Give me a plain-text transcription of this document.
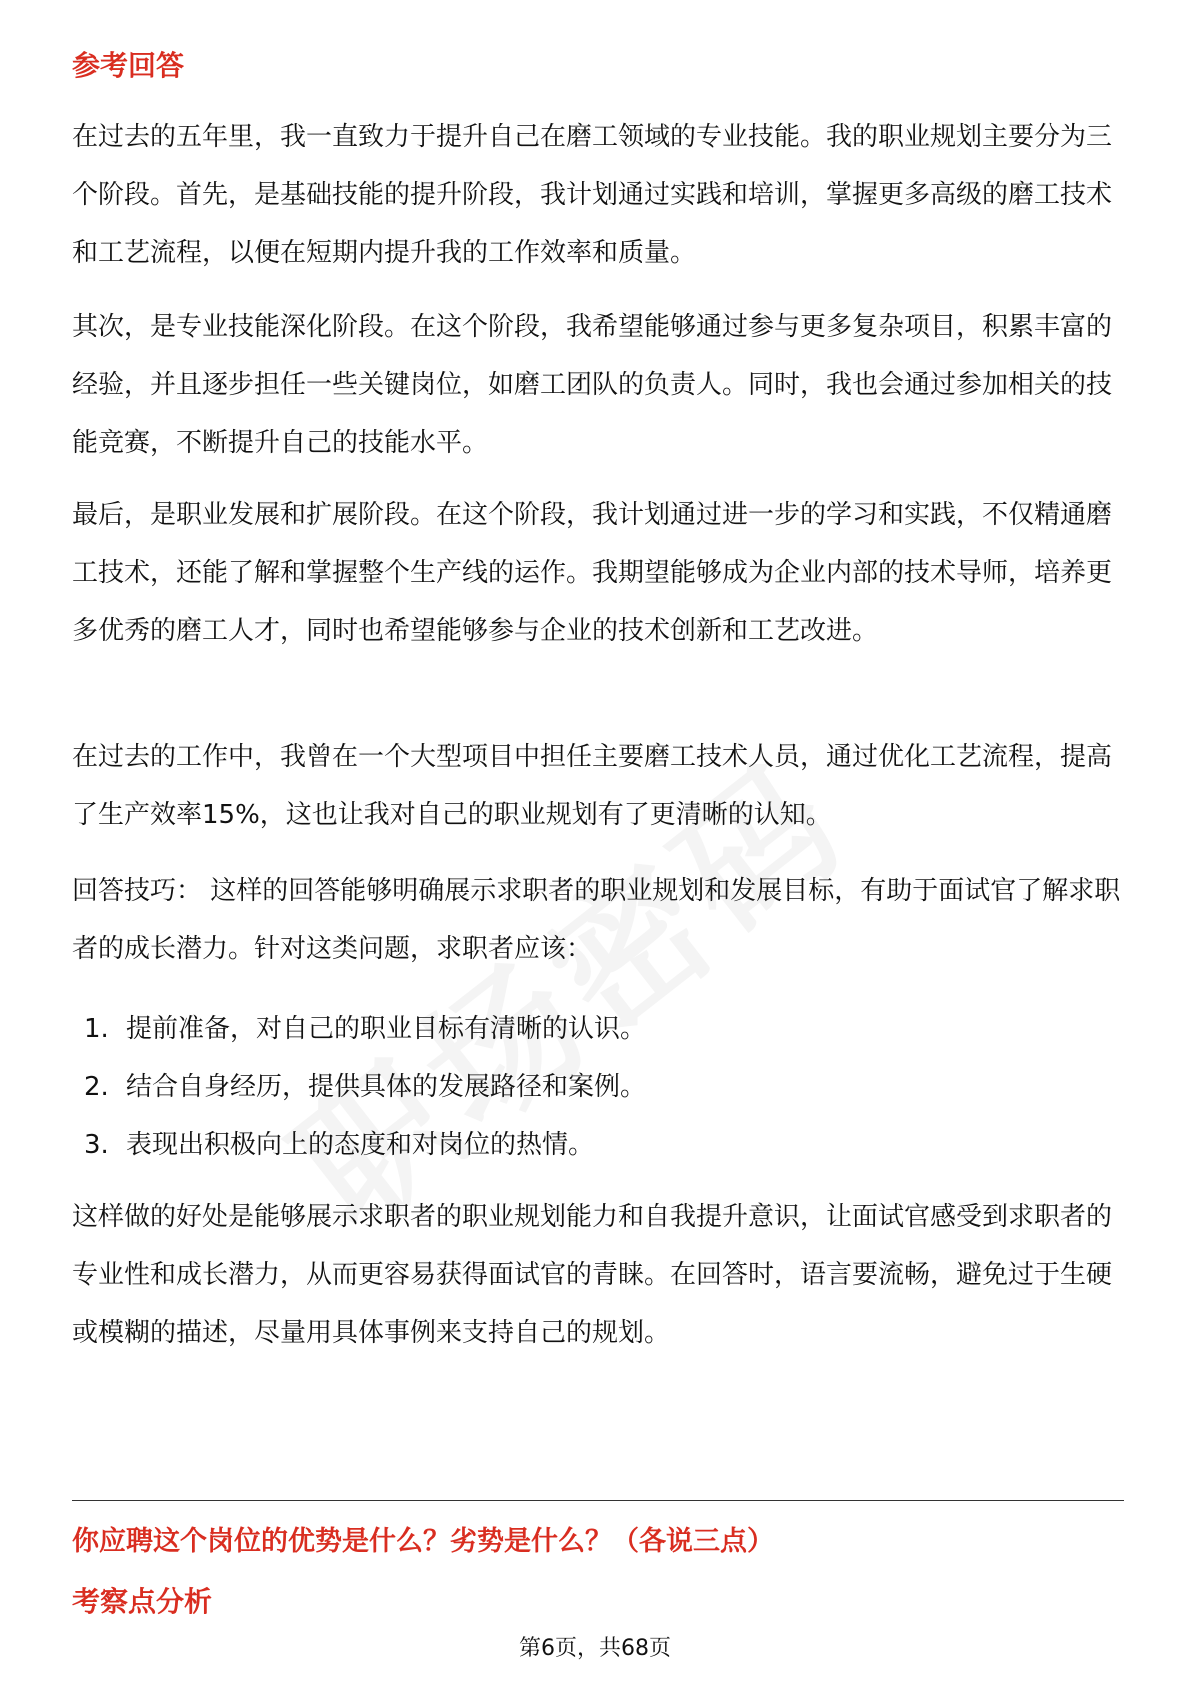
参考回答

在过去的五年里，我一直致力于提升自己在磨工领域的专业技能。我的职业规划主要分为三个阶段。首先，是基础技能的提升阶段，我计划通过实践和培训，掌握更多高级的磨工技术和工艺流程，以便在短期内提升我的工作效率和质量。

其次，是专业技能深化阶段。在这个阶段，我希望能够通过参与更多复杂项目，积累丰富的经验，并且逐步担任一些关键岗位，如磨工团队的负责人。同时，我也会通过参加相关的技能竞赛，不断提升自己的技能水平。

最后，是职业发展和扩展阶段。在这个阶段，我计划通过进一步的学习和实践，不仅精通磨工技术，还能了解和掌握整个生产线的运作。我期望能够成为企业内部的技术导师，培养更多优秀的磨工人才，同时也希望能够参与企业的技术创新和工艺改进。

在过去的工作中，我曾在一个大型项目中担任主要磨工技术人员，通过优化工艺流程，提高了生产效率15%，这也让我对自己的职业规划有了更清晰的认知。

回答技巧： 这样的回答能够明确展示求职者的职业规划和发展目标，有助于面试官了解求职者的成长潜力。针对这类问题，求职者应该：

1. 提前准备，对自己的职业目标有清晰的认识。
2. 结合自身经历，提供具体的发展路径和案例。
3. 表现出积极向上的态度和对岗位的热情。

这样做的好处是能够展示求职者的职业规划能力和自我提升意识，让面试官感受到求职者的专业性和成长潜力，从而更容易获得面试官的青睐。在回答时，语言要流畅，避免过于生硬或模糊的描述，尽量用具体事例来支持自己的规划。

你应聘这个岗位的优势是什么？劣势是什么？（各说三点）
考察点分析
第6页，共68页
